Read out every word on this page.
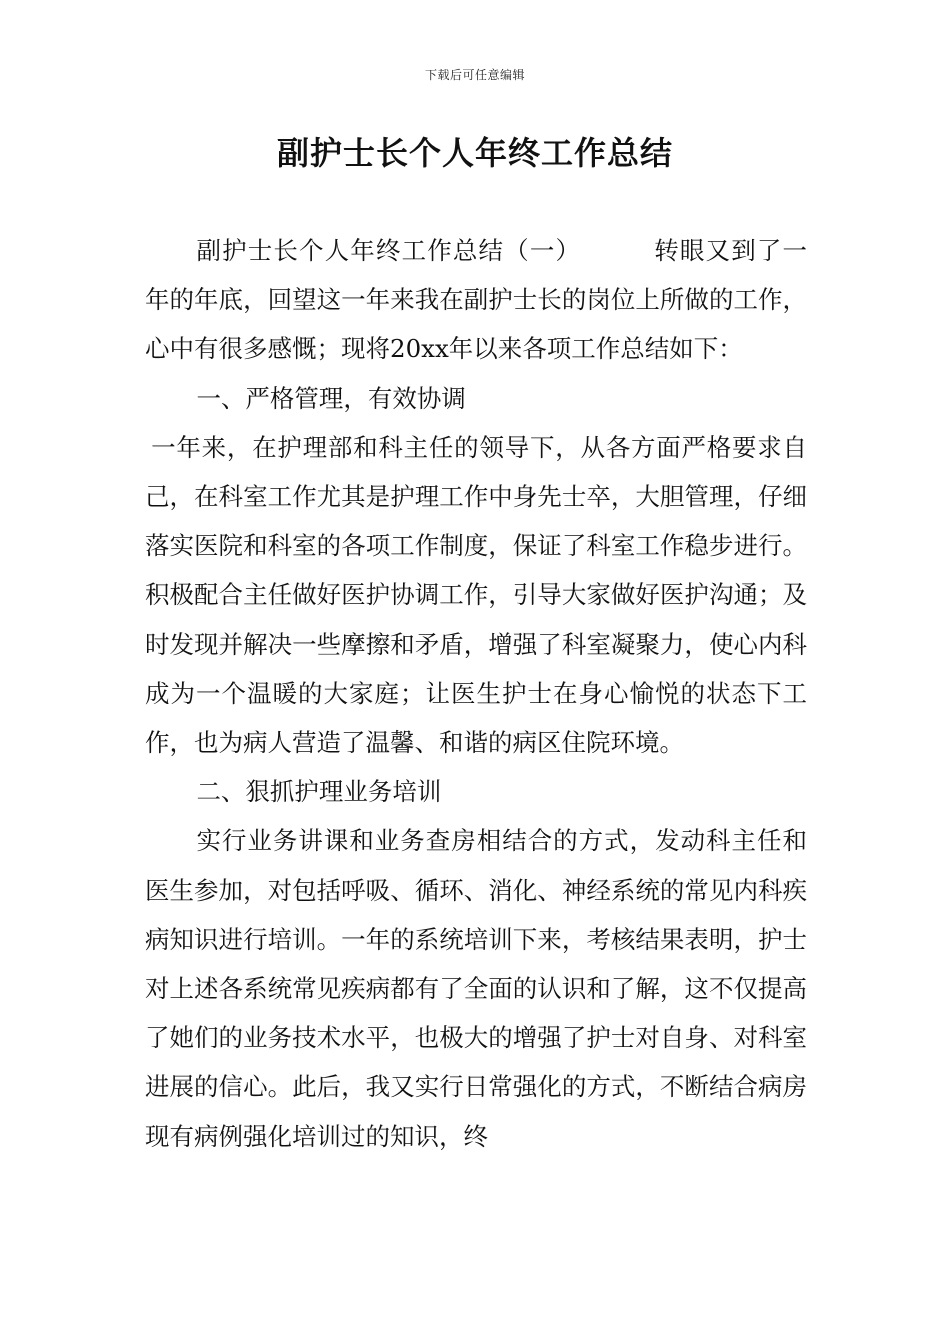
下载后可任意编辑
副护士长个人年终工作总结

副护士长个人年终工作总结（一）	转眼又到了一年的年底，回望这一年来我在副护士长的岗位上所做的工作，心中有很多感慨；现将20xx年以来各项工作总结如下：

一、严格管理，有效协调

一年来，在护理部和科主任的领导下，从各方面严格要求自己，在科室工作尤其是护理工作中身先士卒，大胆管理，仔细落实医院和科室的各项工作制度，保证了科室工作稳步进行。积极配合主任做好医护协调工作，引导大家做好医护沟通；及时发现并解决一些摩擦和矛盾，增强了科室凝聚力，使心内科成为一个温暖的大家庭；让医生护士在身心愉悦的状态下工作，也为病人营造了温馨、和谐的病区住院环境。

二、狠抓护理业务培训

实行业务讲课和业务查房相结合的方式，发动科主任和医生参加，对包括呼吸、循环、消化、神经系统的常见内科疾病知识进行培训。一年的系统培训下来，考核结果表明，护士对上述各系统常见疾病都有了全面的认识和了解，这不仅提高了她们的业务技术水平，也极大的增强了护士对自身、对科室进展的信心。此后，我又实行日常强化的方式，不断结合病房现有病例强化培训过的知识，终
